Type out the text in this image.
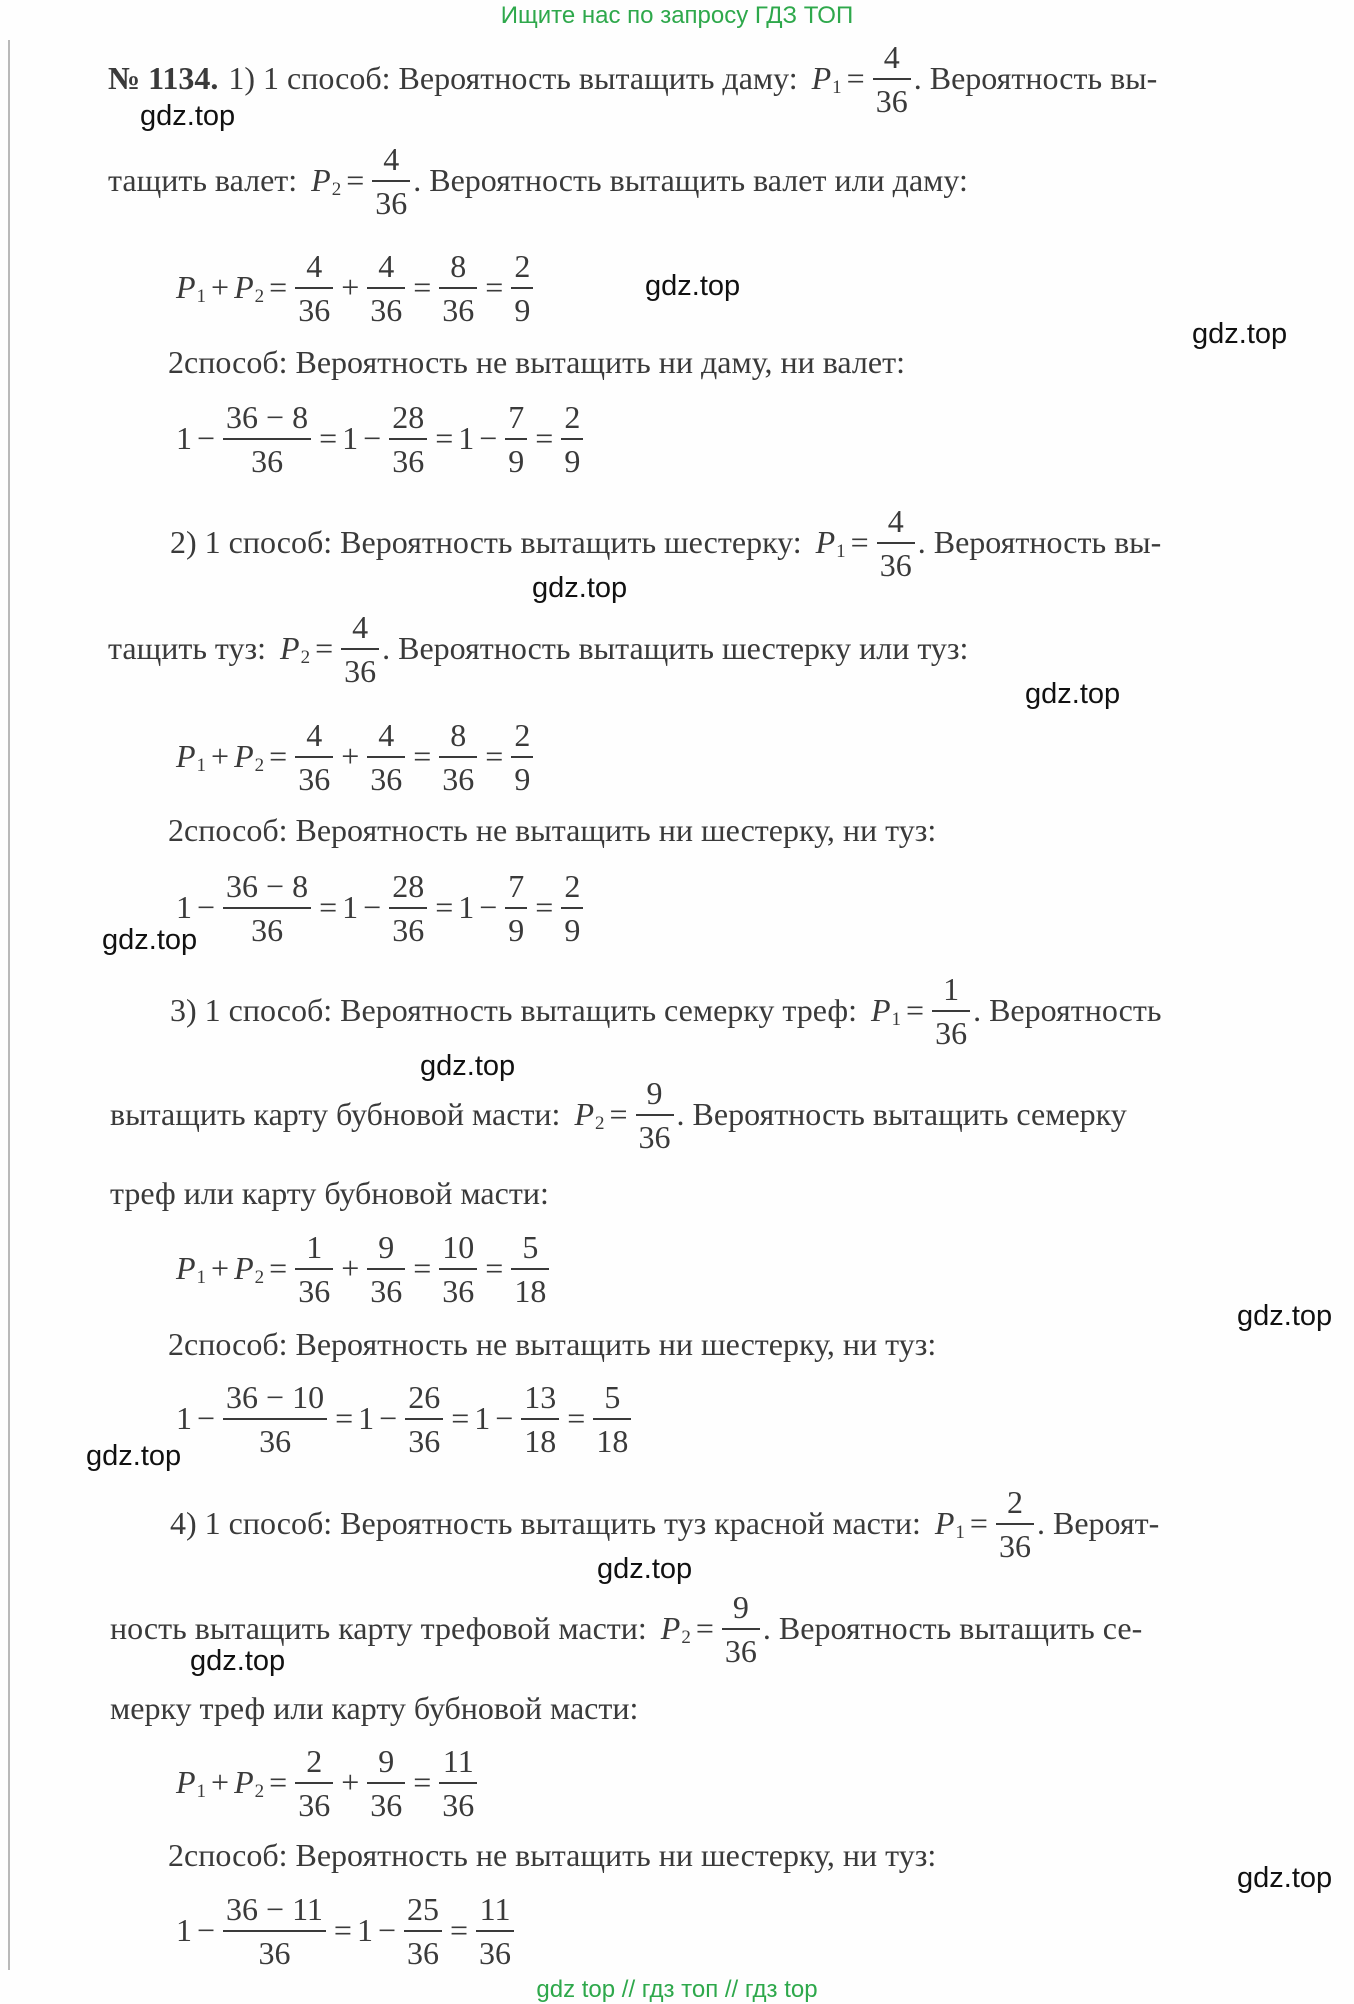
Ищите нас по запросу ГДЗ ТОП
№ 1134. 1) 1 способ: Вероятность вытащить даму: $P_1 = \frac{4}{36}$ . Вероятность вы-
тащить валет: $P_2 = \frac{4}{36}$ . Вероятность вытащить валет или даму:
$P_1 + P_2 = \frac{4}{36} + \frac{4}{36} = \frac{8}{36} = \frac{2}{9}$
2способ: Вероятность не вытащить ни даму, ни валет:
$1 - \frac{36 - 8}{36} = 1 - \frac{28}{36} = 1 - \frac{7}{9} = \frac{2}{9}$
2) 1 способ: Вероятность вытащить шестерку: $P_1 = \frac{4}{36}$ . Вероятность вы-
тащить туз: $P_2 = \frac{4}{36}$ . Вероятность вытащить шестерку или туз:
$P_1 + P_2 = \frac{4}{36} + \frac{4}{36} = \frac{8}{36} = \frac{2}{9}$
2способ: Вероятность не вытащить ни шестерку, ни туз:
$1 - \frac{36 - 8}{36} = 1 - \frac{28}{36} = 1 - \frac{7}{9} = \frac{2}{9}$
3) 1 способ: Вероятность вытащить семерку треф: $P_1 = \frac{1}{36}$ . Вероятность
вытащить карту бубновой масти: $P_2 = \frac{9}{36}$ . Вероятность вытащить семерку
треф или карту бубновой масти:
$P_1 + P_2 = \frac{1}{36} + \frac{9}{36} = \frac{10}{36} = \frac{5}{18}$
2способ: Вероятность не вытащить ни шестерку, ни туз:
$1 - \frac{36 - 10}{36} = 1 - \frac{26}{36} = 1 - \frac{13}{18} = \frac{5}{18}$
4) 1 способ: Вероятность вытащить туз красной масти: $P_1 = \frac{2}{36}$ . Вероят-
ность вытащить карту трефовой масти: $P_2 = \frac{9}{36}$ . Вероятность вытащить се-
мерку треф или карту бубновой масти:
$P_1 + P_2 = \frac{2}{36} + \frac{9}{36} = \frac{11}{36}$
2способ: Вероятность не вытащить ни шестерку, ни туз:
$1 - \frac{36 - 11}{36} = 1 - \frac{25}{36} = \frac{11}{36}$
gdz.top
gdz.top
gdz.top
gdz.top
gdz.top
gdz.top
gdz.top
gdz.top
gdz.top
gdz.top
gdz.top
gdz.top
gdz top // гдз топ // гдз top
